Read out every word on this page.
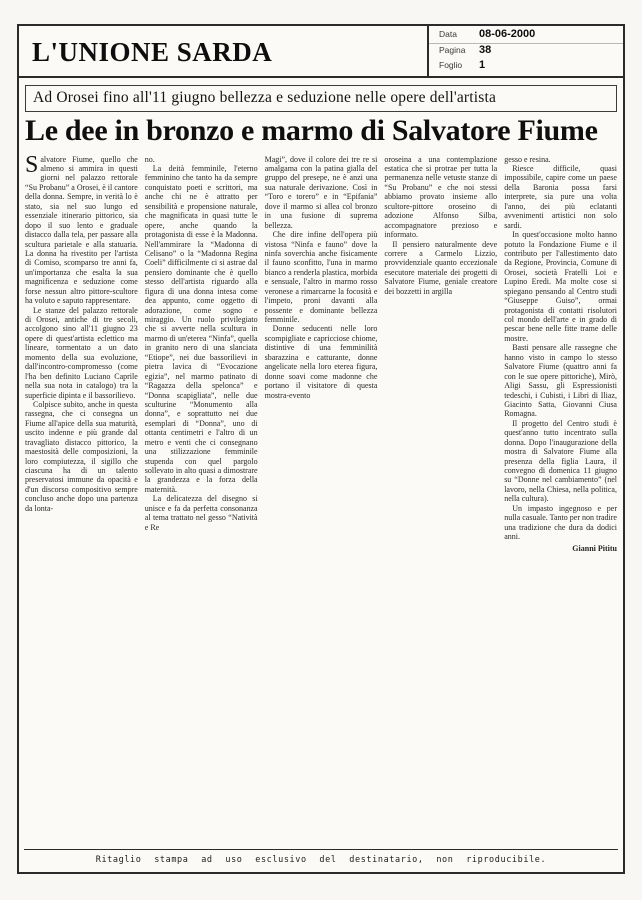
L'UNIONE SARDA
Data	08-06-2000
Pagina	38
Foglio	1
Ad Orosei fino all'11 giugno bellezza e seduzione nelle opere dell'artista
Le dee in bronzo e marmo di Salvatore Fiume

Salvatore Fiume, quello che almeno si ammira in questi giorni nel palazzo rettorale “Su Probanu” a Orosei, è il cantore della donna. Sempre, in verità lo è stato, sia nel suo lungo ed essenziale itinerario pittorico, sia dopo il suo lento e graduale distacco dalla tela, per passare alla scultura parietale e alla statuaria. La donna ha rivestito per l'artista di Comiso, scomparso tre anni fa, un'importanza che esalta la sua magnificenza e seduzione come forse nessun altro pittore-scultore ha voluto e saputo rappresentare.

Le stanze del palazzo rettorale di Orosei, antiche di tre secoli, accolgono sino all'11 giugno 23 opere di quest'artista eclettico ma lineare, tormentato a un dato momento della sua evoluzione, dall'incontro-compromesso (come l'ha ben definito Luciano Caprile nella sua nota in catalogo) tra la superficie dipinta e il bassorilievo.

Colpisce subito, anche in questa rassegna, che ci consegna un Fiume all'apice della sua maturità, uscito indenne e più grande dal travagliato distacco pittorico, la maestosità delle composizioni, la loro compiutezza, il sigillo che ciascuna ha di un talento preservatosi immune da opacità e d'un discorso compositivo sempre concluso anche dopo una partenza da lonta-

no.

La deità femminile, l'eterno femminino che tanto ha da sempre conquistato poeti e scrittori, ma anche chi ne è attratto per sensibilità e propensione naturale, che magnificata in quasi tutte le opere, anche quando la protagonista di esse è la Madonna. Nell'ammirare la “Madonna di Celisano” o la “Madonna Regina Coeli” difficilmente ci si astrae dal pensiero dominante che è quello stesso dell'artista riguardo alla figura di una donna intesa come dea appunto, come oggetto di adorazione, come sogno e miraggio. Un ruolo privilegiato che si avverte nella scultura in marmo di un'eterea “Ninfa”, quella in granito nero di una slanciata “Etiope”, nei due bassorilievi in pietra lavica di “Evocazione egizia”, nel marmo patinato di “Ragazza della spelonca” e “Donna scapigliata”, nelle due sculturine “Monumento alla donna”, e soprattutto nei due esemplari di “Donna”, uno di ottanta centimetri e l'altro di un metro e venti che ci consegnano una stilizzazione femminile stupenda con quel pargolo sollevato in alto quasi a dimostrare la grandezza e la forza della maternità.

La delicatezza del disegno si unisce e fa da perfetta consonanza al tema trattato nel gesso “Natività e Re

Magi”, dove il colore dei tre re si amalgama con la patina gialla del gruppo del presepe, ne è anzi una sua naturale derivazione. Così in “Toro e torero” e in “Epifania” dove il marmo si allea col bronzo in una fusione di suprema bellezza.

Che dire infine dell'opera più vistosa “Ninfa e fauno” dove la ninfa soverchia anche fisicamente il fauno sconfitto, l'una in marmo bianco a renderla plastica, morbida e sensuale, l'altro in marmo rosso veronese a rimarcarne la focosità e l'impeto, proni davanti alla possente e dominante bellezza femminile.

Donne seducenti nelle loro scompigliate e capricciose chiome, distintive di una femminilità sbarazzina e catturante, donne angelicate nella loro eterea figura, donne soavi come madonne che portano il visitatore di questa mostra-evento

oroseina a una contemplazione estatica che si protrae per tutta la permanenza nelle vetuste stanze di “Su Probanu” e che noi stessi abbiamo provato insieme allo scultore-pittore oroseino di adozione Alfonso Silba, accompagnatore prezioso e informato.

Il pensiero naturalmente deve correre a Carmelo Lizzio, provvidenziale quanto eccezionale esecutore materiale dei progetti di Salvatore Fiume, geniale creatore dei bozzetti in argilla

gesso e resina.

Riesce difficile, quasi impossibile, capire come un paese della Baronia possa farsi interprete, sia pure una volta l'anno, dei più eclatanti avvenimenti artistici non solo sardi.

In quest'occasione molto hanno potuto la Fondazione Fiume e il contributo per l'allestimento dato da Regione, Provincia, Comune di Orosei, società Fratelli Loi e Lupino Eredi. Ma molte cose si spiegano pensando al Centro studi “Giuseppe Guiso”, ormai protagonista di contatti risolutori col mondo dell'arte e in grado di pescar bene nelle fitte trame delle mostre.

Basti pensare alle rassegne che hanno visto in campo lo stesso Salvatore Fiume (quattro anni fa con le sue opere pittoriche), Mirò, Aligi Sassu, gli Espressionisti tedeschi, i Cubisti, i Libri di Iliaz, Giacinto Satta, Giovanni Ciusa Romagna.

Il progetto del Centro studi è quest'anno tutto incentrato sulla donna. Dopo l'inaugurazione della mostra di Salvatore Fiume alla presenza della figlia Laura, il convegno di domenica 11 giugno su “Donne nel cambiamento” (nel lavoro, nella Chiesa, nella politica, nella cultura).

Un impasto ingegnoso e per nulla casuale. Tanto per non tradire una tradizione che dura da dodici anni.

Gianni Pititu

Ritaglio stampa ad uso esclusivo del destinatario, non riproducibile.
